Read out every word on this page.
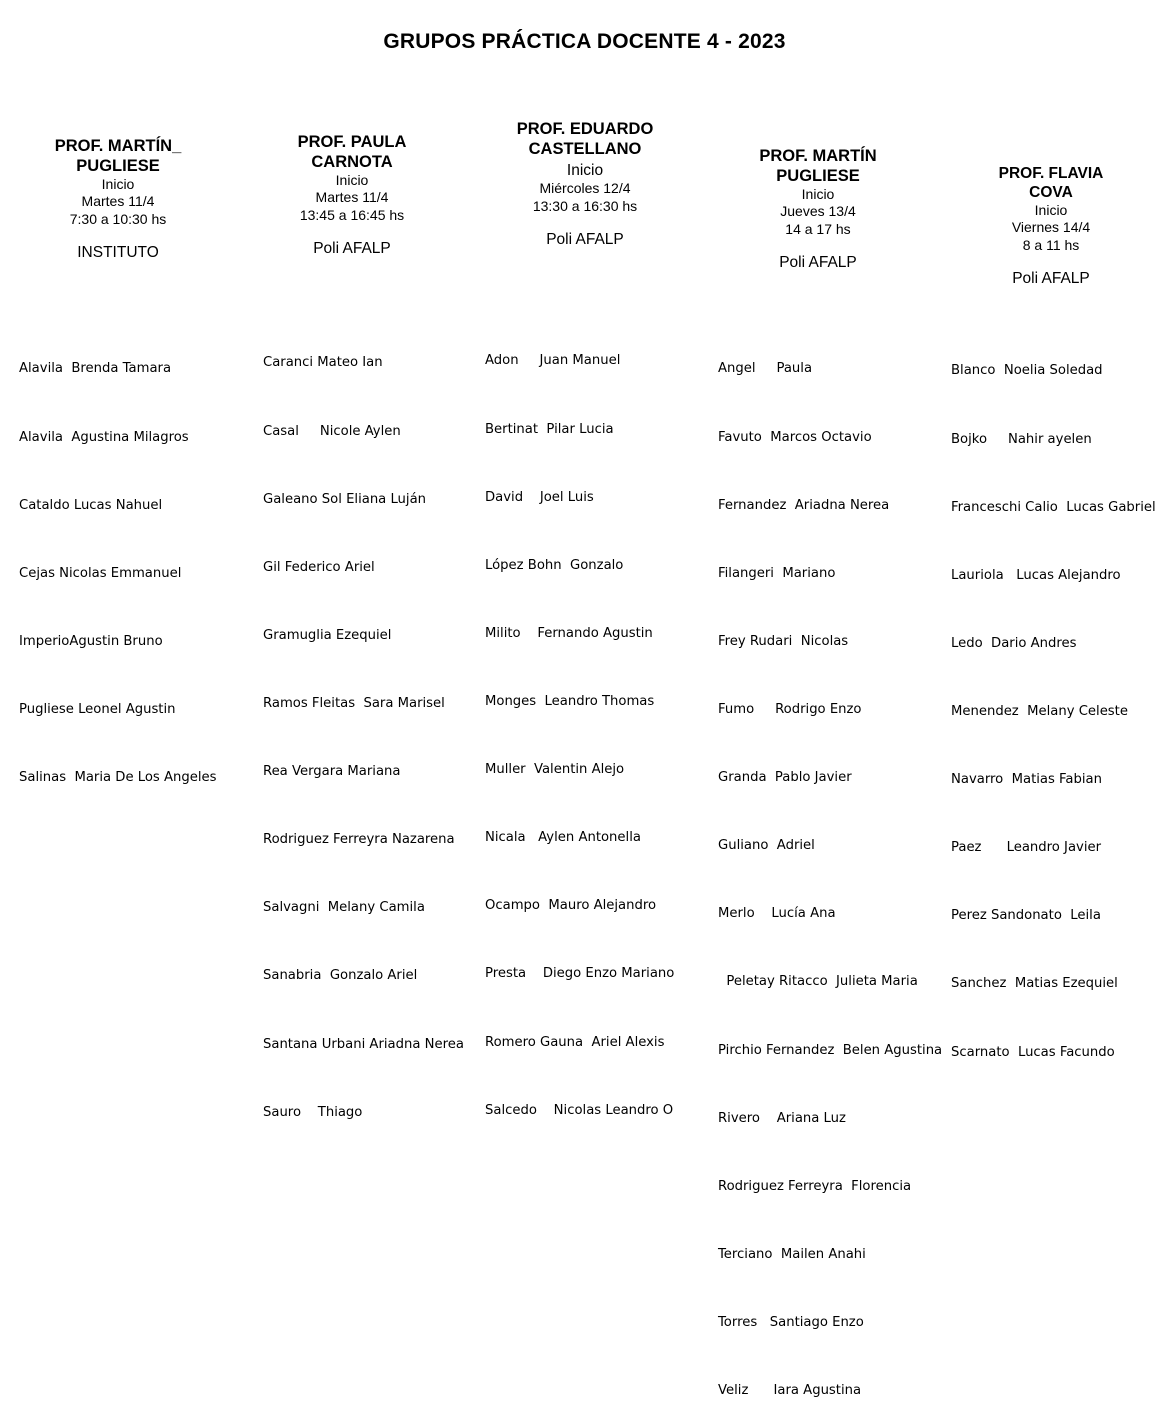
GRUPOS PRÁCTICA DOCENTE 4 - 2023
PROF. MARTÍN_ PUGLIESE
Inicio
Martes 11/4
7:30 a 10:30 hs
INSTITUTO

Alavila  Brenda Tamara

Alavila  Agustina Milagros

Cataldo Lucas Nahuel

Cejas Nicolas Emmanuel

ImperioAgustin Bruno

Pugliese Leonel Agustin

Salinas  Maria De Los Angeles

PROF. PAULA CARNOTA
Inicio
Martes 11/4
13:45 a 16:45 hs
Poli AFALP

Caranci Mateo Ian

Casal     Nicole Aylen

Galeano Sol Eliana Luján

Gil Federico Ariel

Gramuglia Ezequiel

Ramos Fleitas  Sara Marisel

Rea Vergara Mariana

Rodriguez Ferreyra Nazarena

Salvagni  Melany Camila

Sanabria  Gonzalo Ariel

Santana Urbani Ariadna Nerea

Sauro    Thiago

PROF. EDUARDO CASTELLANO
Inicio
Miércoles 12/4
13:30 a 16:30 hs
Poli AFALP

Adon     Juan Manuel

Bertinat  Pilar Lucia

David    Joel Luis

López Bohn  Gonzalo

Milito    Fernando Agustin

Monges  Leandro Thomas

Muller  Valentin Alejo

Nicala   Aylen Antonella

Ocampo  Mauro Alejandro

Presta    Diego Enzo Mariano

Romero Gauna  Ariel Alexis

Salcedo    Nicolas Leandro O

PROF. MARTÍN PUGLIESE
Inicio
Jueves 13/4
14 a 17 hs
Poli AFALP

Angel     Paula

Favuto  Marcos Octavio

Fernandez  Ariadna Nerea

Filangeri  Mariano

Frey Rudari  Nicolas

Fumo     Rodrigo Enzo

Granda  Pablo Javier

Guliano  Adriel

Merlo    Lucía Ana

Peletay Ritacco  Julieta Maria

Pirchio Fernandez  Belen Agustina

Rivero    Ariana Luz

Rodriguez Ferreyra  Florencia

Terciano  Mailen Anahi

Torres   Santiago Enzo

Veliz      Iara Agustina

PROF. FLAVIA COVA
Inicio
Viernes 14/4
8 a 11 hs
Poli AFALP

Blanco  Noelia Soledad

Bojko     Nahir ayelen

Franceschi Calio  Lucas Gabriel

Lauriola   Lucas Alejandro

Ledo  Dario Andres

Menendez  Melany Celeste

Navarro  Matias Fabian

Paez      Leandro Javier

Perez Sandonato  Leila

Sanchez  Matias Ezequiel

Scarnato  Lucas Facundo
